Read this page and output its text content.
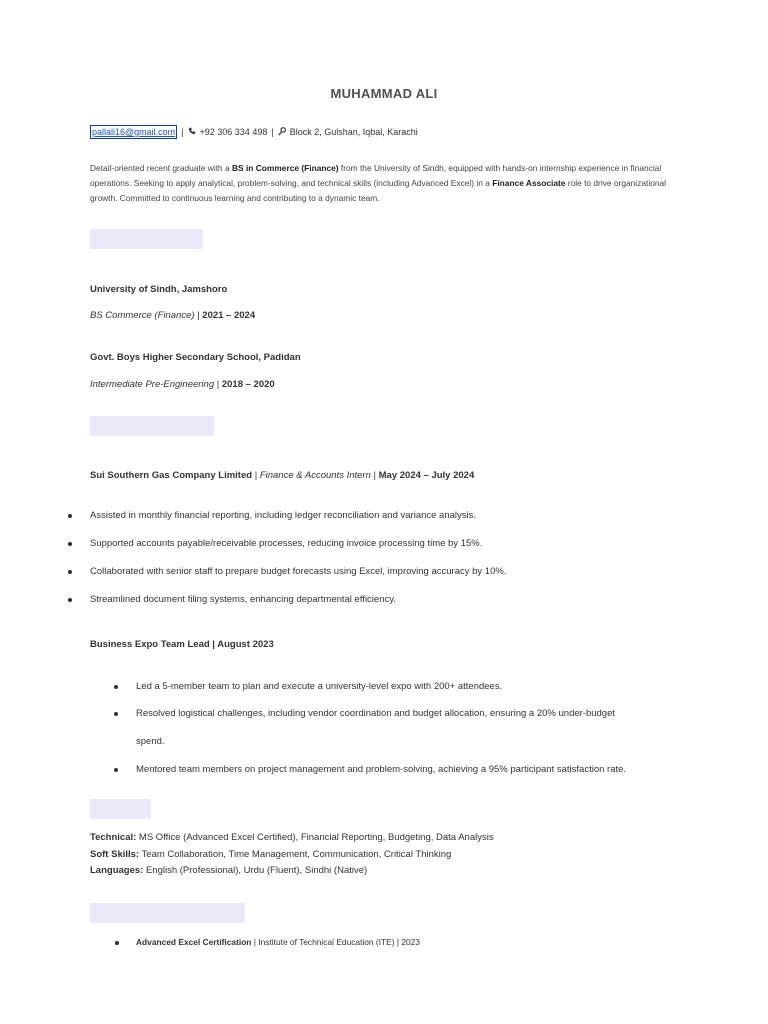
MUHAMMAD ALI
pallali16@gmail.com | +92 306 334 498 | Block 2, Gulshan, Iqbal, Karachi
Detail-oriented recent graduate with a BS in Commerce (Finance) from the University of Sindh, equipped with hands-on internship experience in financial operations. Seeking to apply analytical, problem-solving, and technical skills (including Advanced Excel) in a Finance Associate role to drive organizational growth. Committed to continuous learning and contributing to a dynamic team.
University of Sindh, Jamshoro
BS Commerce (Finance) | 2021 – 2024
Govt. Boys Higher Secondary School, Padidan
Intermediate Pre-Engineering | 2018 – 2020
Sui Southern Gas Company Limited | Finance & Accounts Intern | May 2024 – July 2024
Assisted in monthly financial reporting, including ledger reconciliation and variance analysis.
Supported accounts payable/receivable processes, reducing invoice processing time by 15%.
Collaborated with senior staff to prepare budget forecasts using Excel, improving accuracy by 10%.
Streamlined document filing systems, enhancing departmental efficiency.
Business Expo Team Lead | August 2023
Led a 5-member team to plan and execute a university-level expo with 200+ attendees.
Resolved logistical challenges, including vendor coordination and budget allocation, ensuring a 20% under-budget
spend.
Mentored team members on project management and problem-solving, achieving a 95% participant satisfaction rate.
Technical: MS Office (Advanced Excel Certified), Financial Reporting, Budgeting, Data Analysis
Soft Skills: Team Collaboration, Time Management, Communication, Critical Thinking
Languages: English (Professional), Urdu (Fluent), Sindhi (Native)
Advanced Excel Certification | Institute of Technical Education (ITE) | 2023
